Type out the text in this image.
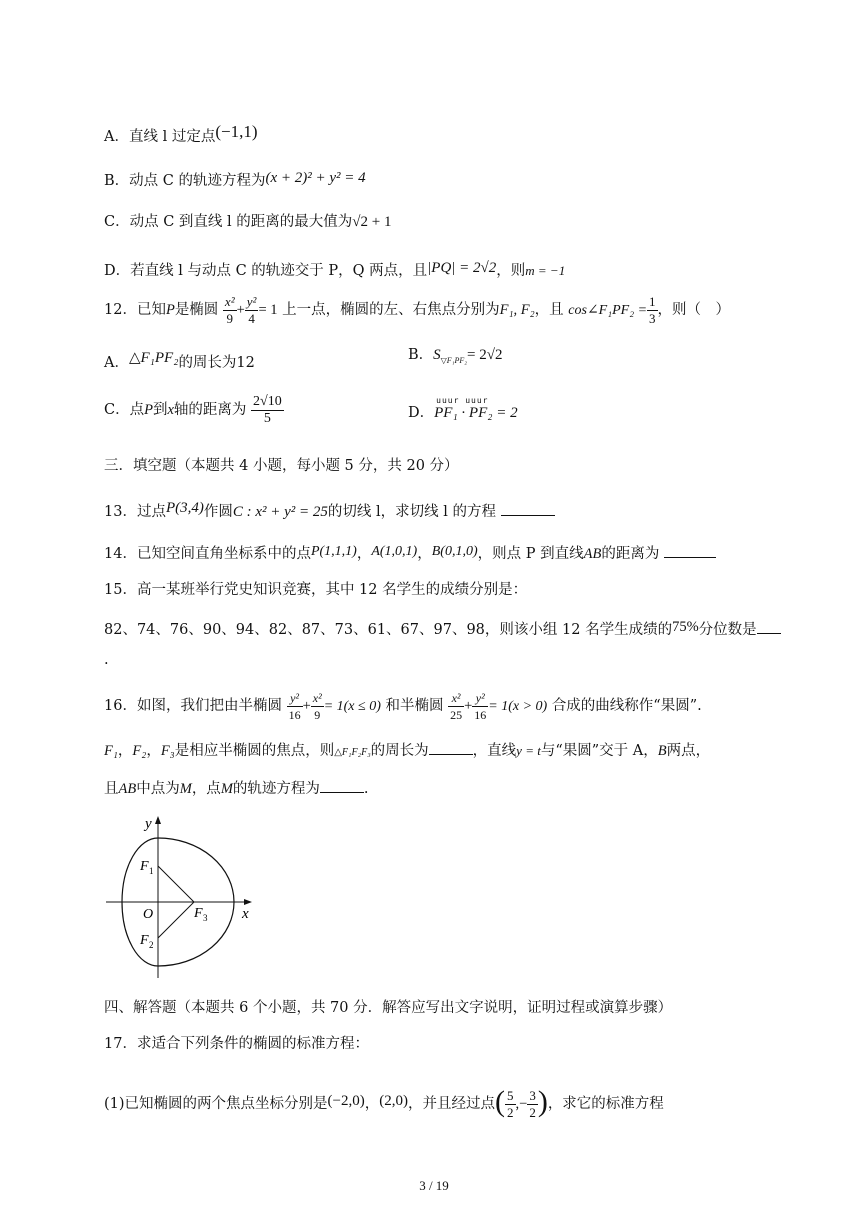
A．直线 l 过定点(−1,1)
B．动点 C 的轨迹方程为(x + 2)² + y² = 4
C．动点 C 到直线 l 的距离的最大值为√2 + 1
D．若直线 l 与动点 C 的轨迹交于 P，Q 两点，且|PQ| = 2√2，则m = −1
12．已知P是椭圆 $\frac{\text{x²}}{9} + \frac{\text{y²}}{4} = 1$ 上一点，椭圆的左、右焦点分别为F₁, F₂，且 cos∠F₁PF₂ = $\frac{1}{3}$ ，则（　）
A．△F₁PF₂的周长为12	B．$S_{▽F_1PF_2}= 2√2$
C．点P到x轴的距离为 $\frac{2√10}{5}$	D．
uuur uuur
PF₁ · PF₂ = 2
三．填空题（本题共 4 小题，每小题 5 分，共 20 分）
13．过点P(3,4)作圆C : x² + y² = 25的切线 l，求切线 l 的方程
14．已知空间直角坐标系中的点P(1,1,1)，A(1,0,1)，B(0,1,0)，则点 P 到直线AB的距离为
15．高一某班举行党史知识竞赛，其中 12 名学生的成绩分别是：
82、74、76、90、94、82、87、73、61、67、97、98，则该小组 12 名学生成绩的75%分位数是
.
16．如图，我们把由半椭圆 $\frac{\text{y²}}{16} + \frac{\text{x²}}{9} = 1(x \le 0)$ 和半椭圆 $\frac{\text{x²}}{25} + \frac{\text{y²}}{16} = 1(x > 0)$ 合成的曲线称作“果圆”.
F₁，F₂，F₃是相应半椭圆的焦点，则△F₁F₂F₃的周长为	，直线y = t与“果圆”交于 A，B两点，
且AB中点为M，点M的轨迹方程为	.
y
x
O
F 1
F 2
F 3
四、解答题（本题共 6 个小题，共 70 分．解答应写出文字说明，证明过程或演算步骤）
17．求适合下列条件的椭圆的标准方程：
(1)已知椭圆的两个焦点坐标分别是(−2,0)，(2,0)，并且经过点( $\frac{5}{2}$ ,− $\frac{3}{2}$ )，求它的标准方程
3 / 19
